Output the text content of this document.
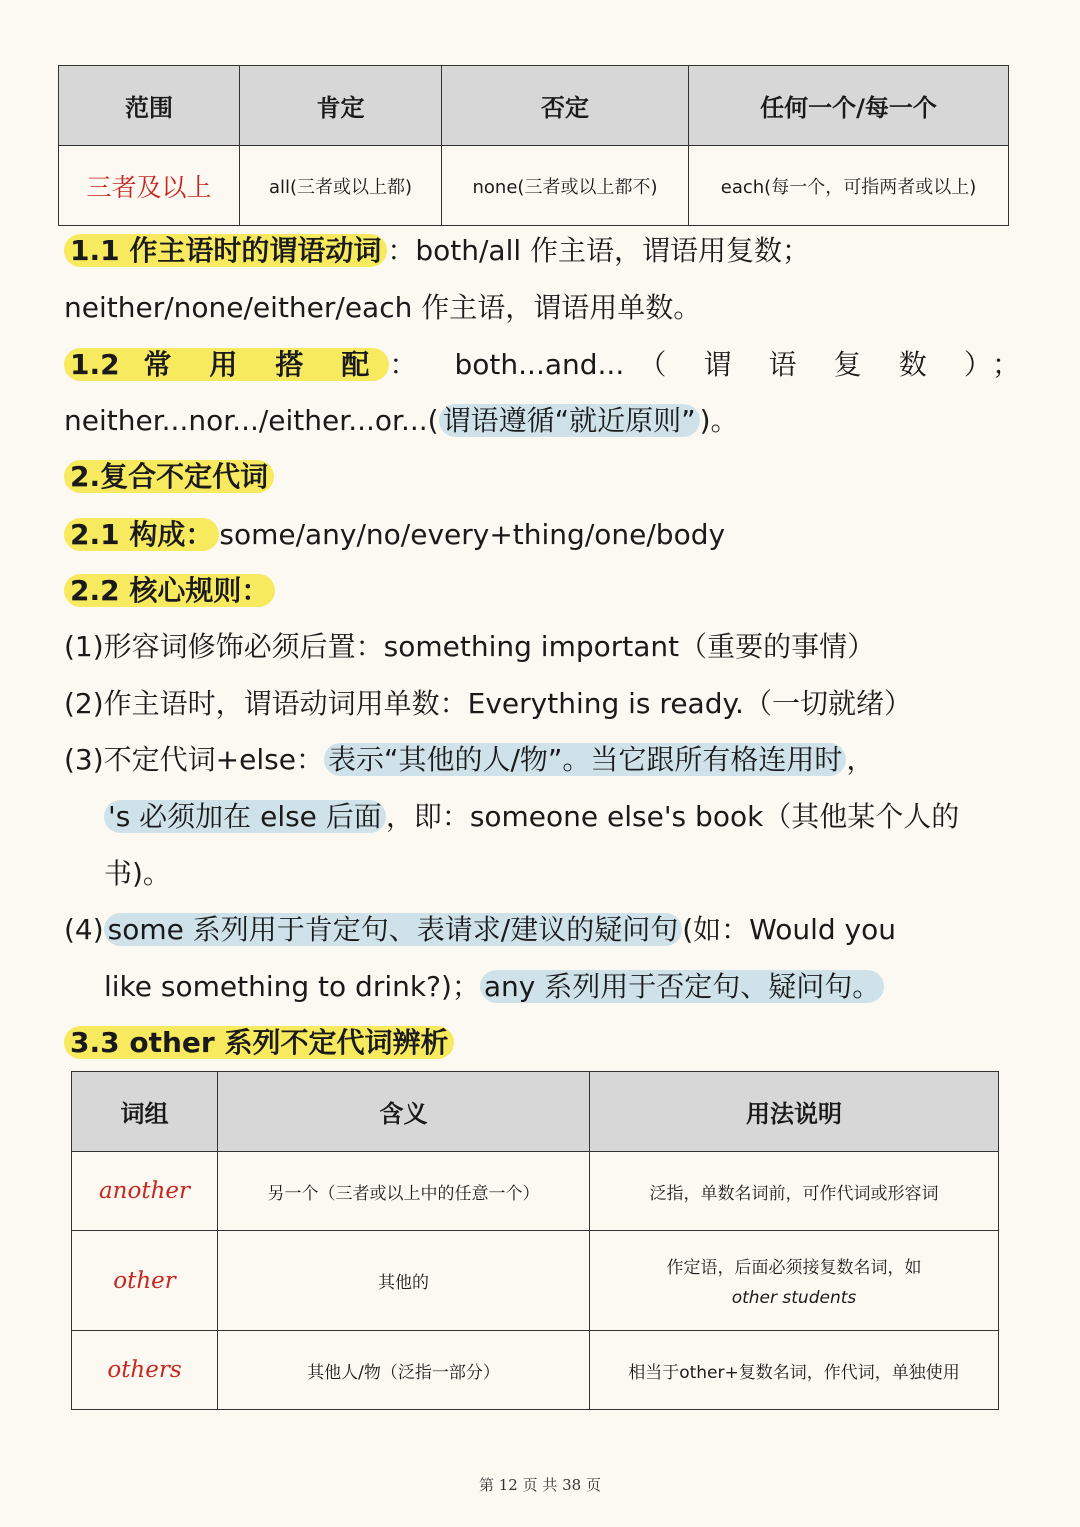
范围	肯定	否定	任何一个/每一个
三者及以上	all(三者或以上都)	none(三者或以上都不)	each(每一个，可指两者或以上)
1.1 作主语时的谓语动词 ：both/all 作主语，谓语用复数；
neither/none/either/each 作主语，谓语用单数。
1.2 常 用 搭 配 ： both...and...（ 谓 语 复 数 ）；
neither...nor.../either...or...( 谓语遵循“就近原则” )。
2.复合不定代词
2.1 构成： some/any/no/every+thing/one/body
2.2 核心规则：
(1)形容词修饰必须后置：something important（重要的事情）
(2)作主语时，谓语动词用单数：Everything is ready.（一切就绪）
(3)不定代词+else： 表示“其他的人/物”。当它跟所有格连用时 ，
's 必须加在 else 后面 ，即：someone else's book（其他某个人的
书)。
(4) some 系列用于肯定句、表请求/建议的疑问句 (如：Would you
like something to drink?)； any 系列用于否定句、疑问句。
3.3 other 系列不定代词辨析
词组	含义	用法说明
another	另一个（三者或以上中的任意一个）	泛指，单数名词前，可作代词或形容词
other	其他的	作定语，后面必须接复数名词，如
other students

others	其他人/物（泛指一部分）	相当于other+复数名词，作代词，单独使用
第 12 页 共 38 页
